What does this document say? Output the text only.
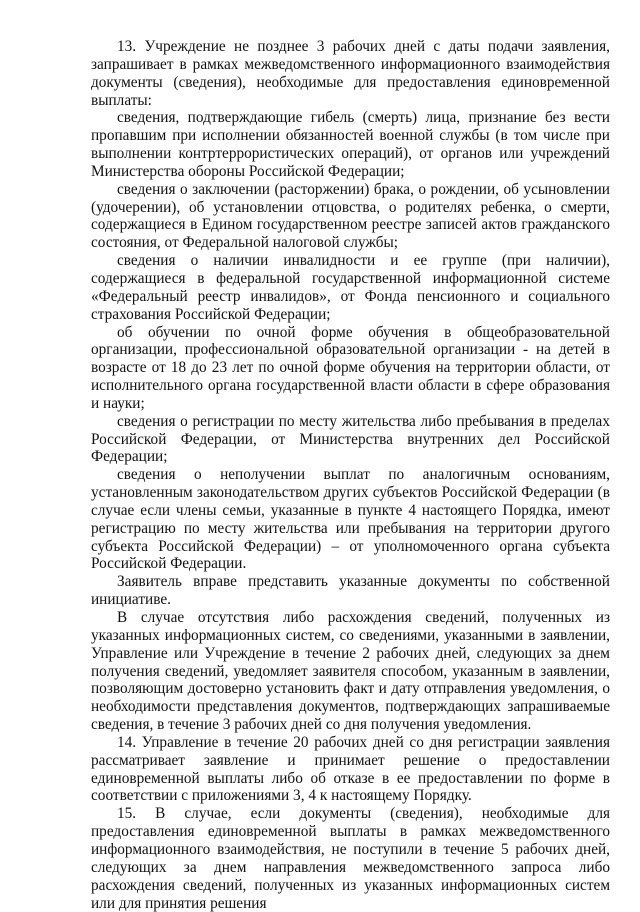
13. Учреждение не позднее 3 рабочих дней с даты подачи заявления, запрашивает в рамках межведомственного информационного взаимодействия документы (сведения), необходимые для предоставления единовременной выплаты:

сведения, подтверждающие гибель (смерть) лица, признание без вести пропавшим при исполнении обязанностей военной службы (в том числе при выполнении контртеррористических операций), от органов или учреждений Министерства обороны Российской Федерации;

сведения о заключении (расторжении) брака, о рождении, об усыновлении (удочерении), об установлении отцовства, о родителях ребенка, о смерти, содержащиеся в Едином государственном реестре записей актов гражданского состояния, от Федеральной налоговой службы;

сведения о наличии инвалидности и ее группе (при наличии), содержащиеся в федеральной государственной информационной системе «Федеральный реестр инвалидов», от Фонда пенсионного и социального страхования Российской Федерации;

об обучении по очной форме обучения в общеобразовательной организации, профессиональной образовательной организации - на детей в возрасте от 18 до 23 лет по очной форме обучения на территории области, от исполнительного органа государственной власти области в сфере образования и науки;

сведения о регистрации по месту жительства либо пребывания в пределах Российской Федерации, от Министерства внутренних дел Российской Федерации;

сведения о неполучении выплат по аналогичным основаниям, установленным законодательством других субъектов Российской Федерации (в случае если члены семьи, указанные в пункте 4 настоящего Порядка, имеют регистрацию по месту жительства или пребывания на территории другого субъекта Российской Федерации) – от уполномоченного органа субъекта Российской Федерации.

Заявитель вправе представить указанные документы по собственной инициативе.

В случае отсутствия либо расхождения сведений, полученных из указанных информационных систем, со сведениями, указанными в заявлении, Управление или Учреждение в течение 2 рабочих дней, следующих за днем получения сведений, уведомляет заявителя способом, указанным в заявлении, позволяющим достоверно установить факт и дату отправления уведомления, о необходимости представления документов, подтверждающих запрашиваемые сведения, в течение 3 рабочих дней со дня получения уведомления.

14. Управление в течение 20 рабочих дней со дня регистрации заявления рассматривает заявление и принимает решение о предоставлении единовременной выплаты либо об отказе в ее предоставлении по форме в соответствии с приложениями 3, 4 к настоящему Порядку.

15. В случае, если документы (сведения), необходимые для предоставления единовременной выплаты в рамках межведомственного информационного взаимодействия, не поступили в течение 5 рабочих дней, следующих за днем направления межведомственного запроса либо расхождения сведений, полученных из указанных информационных систем или для принятия решения
